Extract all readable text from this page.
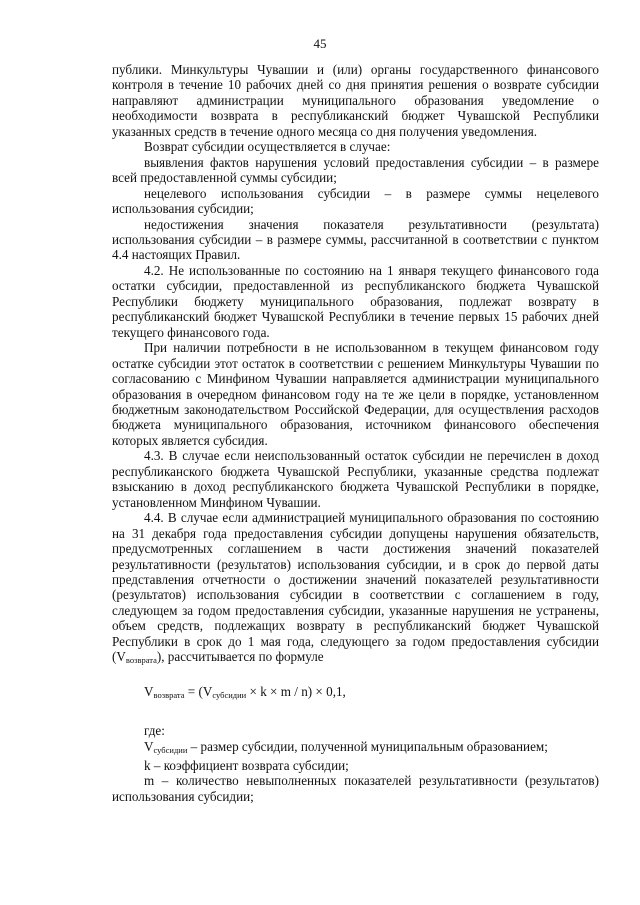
45

публики. Минкультуры Чувашии и (или) органы государственного финансового контроля в течение 10 рабочих дней со дня принятия решения о возврате субсидии направляют администрации муниципального образования уведомление о необходимости возврата в республиканский бюджет Чувашской Республики указанных средств в течение одного месяца со дня получения уведомления.

Возврат субсидии осуществляется в случае:

выявления фактов нарушения условий предоставления субсидии – в размере всей предоставленной суммы субсидии;

нецелевого использования субсидии – в размере суммы нецелевого использования субсидии;

недостижения значения показателя результативности (результата) использования субсидии – в размере суммы, рассчитанной в соответствии с пунктом 4.4 настоящих Правил.

4.2. Не использованные по состоянию на 1 января текущего финансового года остатки субсидии, предоставленной из республиканского бюджета Чувашской Республики бюджету муниципального образования, подлежат возврату в республиканский бюджет Чувашской Республики в течение первых 15 рабочих дней текущего финансового года.

При наличии потребности в не использованном в текущем финансовом году остатке субсидии этот остаток в соответствии с решением Минкультуры Чувашии по согласованию с Минфином Чувашии направляется администрации муниципального образования в очередном финансовом году на те же цели в порядке, установленном бюджетным законодательством Российской Федерации, для осуществления расходов бюджета муниципального образования, источником финансового обеспечения которых является субсидия.

4.3. В случае если неиспользованный остаток субсидии не перечислен в доход республиканского бюджета Чувашской Республики, указанные средства подлежат взысканию в доход республиканского бюджета Чувашской Республики в порядке, установленном Минфином Чувашии.

4.4. В случае если администрацией муниципального образования по состоянию на 31 декабря года предоставления субсидии допущены нарушения обязательств, предусмотренных соглашением в части достижения значений показателей результативности (результатов) использования субсидии, и в срок до первой даты представления отчетности о достижении значений показателей результативности (результатов) использования субсидии в соответствии с соглашением в году, следующем за годом предоставления субсидии, указанные нарушения не устранены, объем средств, подлежащих возврату в республиканский бюджет Чувашской Республики в срок до 1 мая года, следующего за годом предоставления субсидии $(V_{возврата})$, рассчитывается по формуле

$V_{возврата} = (V_{субсидии} \times k \times m / n) \times 0,1$,

где:

$V_{субсидии}$ – размер субсидии, полученной муниципальным образованием;

k – коэффициент возврата субсидии;

m – количество невыполненных показателей результативности (результатов) использования субсидии;
